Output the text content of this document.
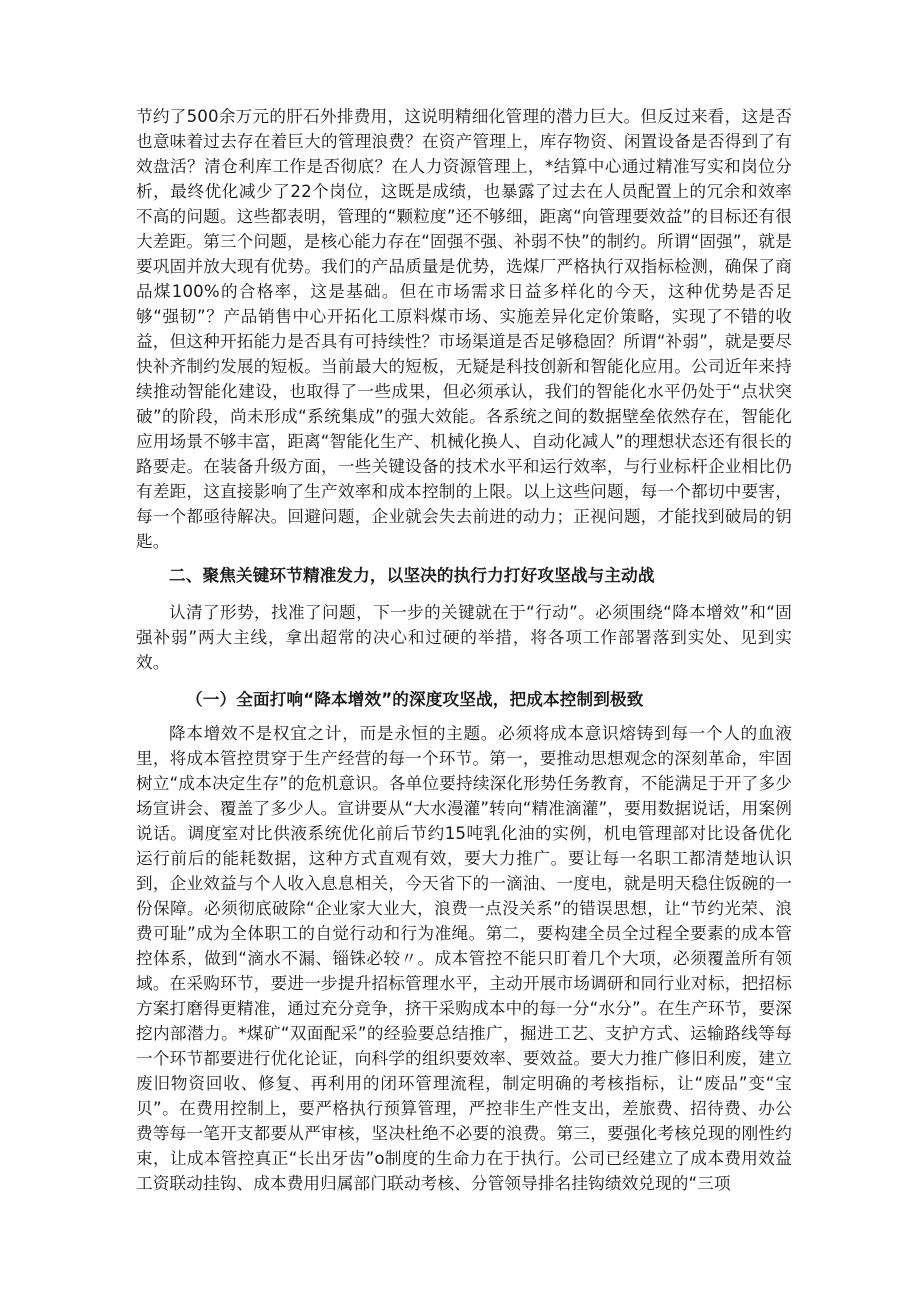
节约了500余万元的肝石外排费用，这说明精细化管理的潜力巨大。但反过来看，这是否也意味着过去存在着巨大的管理浪费？在资产管理上，库存物资、闲置设备是否得到了有效盘活？清仓利库工作是否彻底？在人力资源管理上，*结算中心通过精准写实和岗位分析，最终优化减少了22个岗位，这既是成绩，也暴露了过去在人员配置上的冗余和效率不高的问题。这些都表明，管理的“颗粒度”还不够细，距离“向管理要效益”的目标还有很大差距。第三个问题，是核心能力存在“固强不强、补弱不快”的制约。所谓“固强”，就是要巩固并放大现有优势。我们的产品质量是优势，选煤厂严格执行双指标检测，确保了商品煤100%的合格率，这是基础。但在市场需求日益多样化的今天，这种优势是否足够“强韧”？产品销售中心开拓化工原料煤市场、实施差异化定价策略，实现了不错的收益，但这种开拓能力是否具有可持续性？市场渠道是否足够稳固？所谓“补弱”，就是要尽快补齐制约发展的短板。当前最大的短板，无疑是科技创新和智能化应用。公司近年来持续推动智能化建设，也取得了一些成果，但必须承认，我们的智能化水平仍处于“点状突破”的阶段，尚未形成“系统集成”的强大效能。各系统之间的数据壁垒依然存在，智能化应用场景不够丰富，距离“智能化生产、机械化换人、自动化减人”的理想状态还有很长的路要走。在装备升级方面，一些关键设备的技术水平和运行效率，与行业标杆企业相比仍有差距，这直接影响了生产效率和成本控制的上限。以上这些问题，每一个都切中要害，每一个都亟待解决。回避问题，企业就会失去前进的动力；正视问题，才能找到破局的钥匙。

二、聚焦关键环节精准发力，以坚决的执行力打好攻坚战与主动战

认清了形势，找准了问题，下一步的关键就在于“行动”。必须围绕“降本增效”和“固强补弱”两大主线，拿出超常的决心和过硬的举措，将各项工作部署落到实处、见到实效。

（一）全面打响“降本增效”的深度攻坚战，把成本控制到极致

降本增效不是权宜之计，而是永恒的主题。必须将成本意识熔铸到每一个人的血液里，将成本管控贯穿于生产经营的每一个环节。第一，要推动思想观念的深刻革命，牢固树立“成本决定生存”的危机意识。各单位要持续深化形势任务教育，不能满足于开了多少场宣讲会、覆盖了多少人。宣讲要从“大水漫灌”转向“精准滴灌”，要用数据说话，用案例说话。调度室对比供液系统优化前后节约15吨乳化油的实例，机电管理部对比设备优化运行前后的能耗数据，这种方式直观有效，要大力推广。要让每一名职工都清楚地认识到，企业效益与个人收入息息相关，今天省下的一滴油、一度电，就是明天稳住饭碗的一份保障。必须彻底破除“企业家大业大，浪费一点没关系”的错误思想，让“节约光荣、浪费可耻”成为全体职工的自觉行动和行为准绳。第二，要构建全员全过程全要素的成本管控体系，做到“滴水不漏、锱铢必较〃。成本管控不能只盯着几个大项，必须覆盖所有领域。在采购环节，要进一步提升招标管理水平，主动开展市场调研和同行业对标，把招标方案打磨得更精准，通过充分竞争，挤干采购成本中的每一分“水分”。在生产环节，要深挖内部潜力。*煤矿“双面配采”的经验要总结推广，掘进工艺、支护方式、运输路线等每一个环节都要进行优化论证，向科学的组织要效率、要效益。要大力推广修旧利废，建立废旧物资回收、修复、再利用的闭环管理流程，制定明确的考核指标，让“废品”变“宝贝”。在费用控制上，要严格执行预算管理，严控非生产性支出，差旅费、招待费、办公费等每一笔开支都要从严审核，坚决杜绝不必要的浪费。第三，要强化考核兑现的刚性约束，让成本管控真正“长出牙齿”o制度的生命力在于执行。公司已经建立了成本费用效益工资联动挂钩、成本费用归属部门联动考核、分管领导排名挂钩绩效兑现的“三项
